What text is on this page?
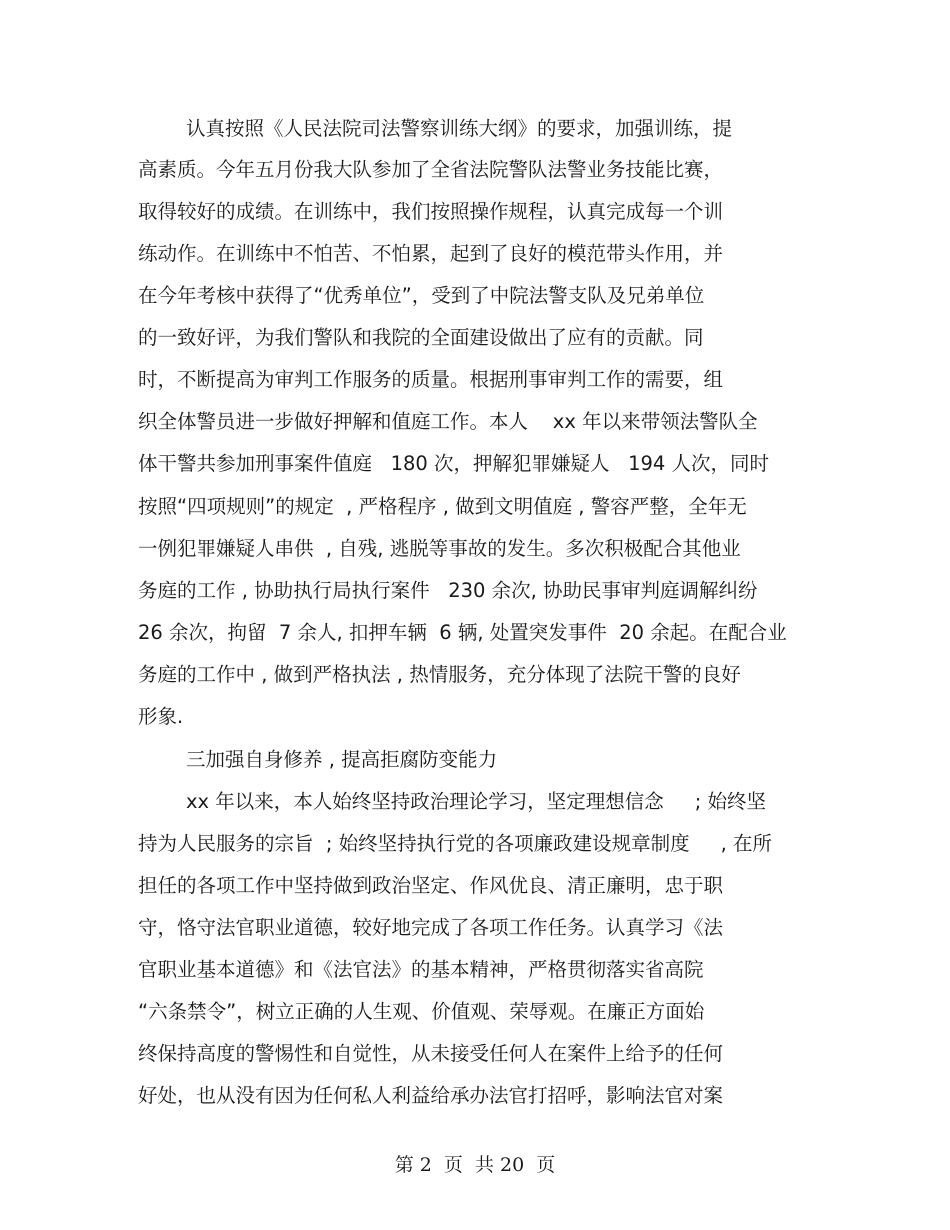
认真按照《人民法院司法警察训练大纲》的要求，加强训练，提
高素质。今年五月份我大队参加了全省法院警队法警业务技能比赛，
取得较好的成绩。在训练中，我们按照操作规程，认真完成每一个训
练动作。在训练中不怕苦、不怕累，起到了良好的模范带头作用，并
在今年考核中获得了“优秀单位”，受到了中院法警支队及兄弟单位
的一致好评，为我们警队和我院的全面建设做出了应有的贡献。同
时，不断提高为审判工作服务的质量。根据刑事审判工作的需要，组
织全体警员进一步做好押解和值庭工作。本人    xx 年以来带领法警队全
体干警共参加刑事案件值庭   180 次，押解犯罪嫌疑人   194 人次，同时
按照“四项规则”的规定  , 严格程序 , 做到文明值庭 , 警容严整，全年无
一例犯罪嫌疑人串供  , 自残, 逃脱等事故的发生。多次积极配合其他业
务庭的工作 , 协助执行局执行案件   230 余次, 协助民事审判庭调解纠纷
26 余次，拘留  7 余人, 扣押车辆  6 辆, 处置突发事件  20 余起。在配合业
务庭的工作中 , 做到严格执法 , 热情服务，充分体现了法院干警的良好
形象.
三加强自身修养 , 提高拒腐防变能力
xx 年以来，本人始终坚持政治理论学习，坚定理想信念     ; 始终坚
持为人民服务的宗旨  ; 始终坚持执行党的各项廉政建设规章制度     , 在所
担任的各项工作中坚持做到政治坚定、作风优良、清正廉明，忠于职
守，恪守法官职业道德，较好地完成了各项工作任务。认真学习《法
官职业基本道德》和《法官法》的基本精神，严格贯彻落实省高院
“六条禁令”，树立正确的人生观、价值观、荣辱观。在廉正方面始
终保持高度的警惕性和自觉性，从未接受任何人在案件上给予的任何
好处，也从没有因为任何私人利益给承办法官打招呼，影响法官对案
第 2  页  共 20  页
